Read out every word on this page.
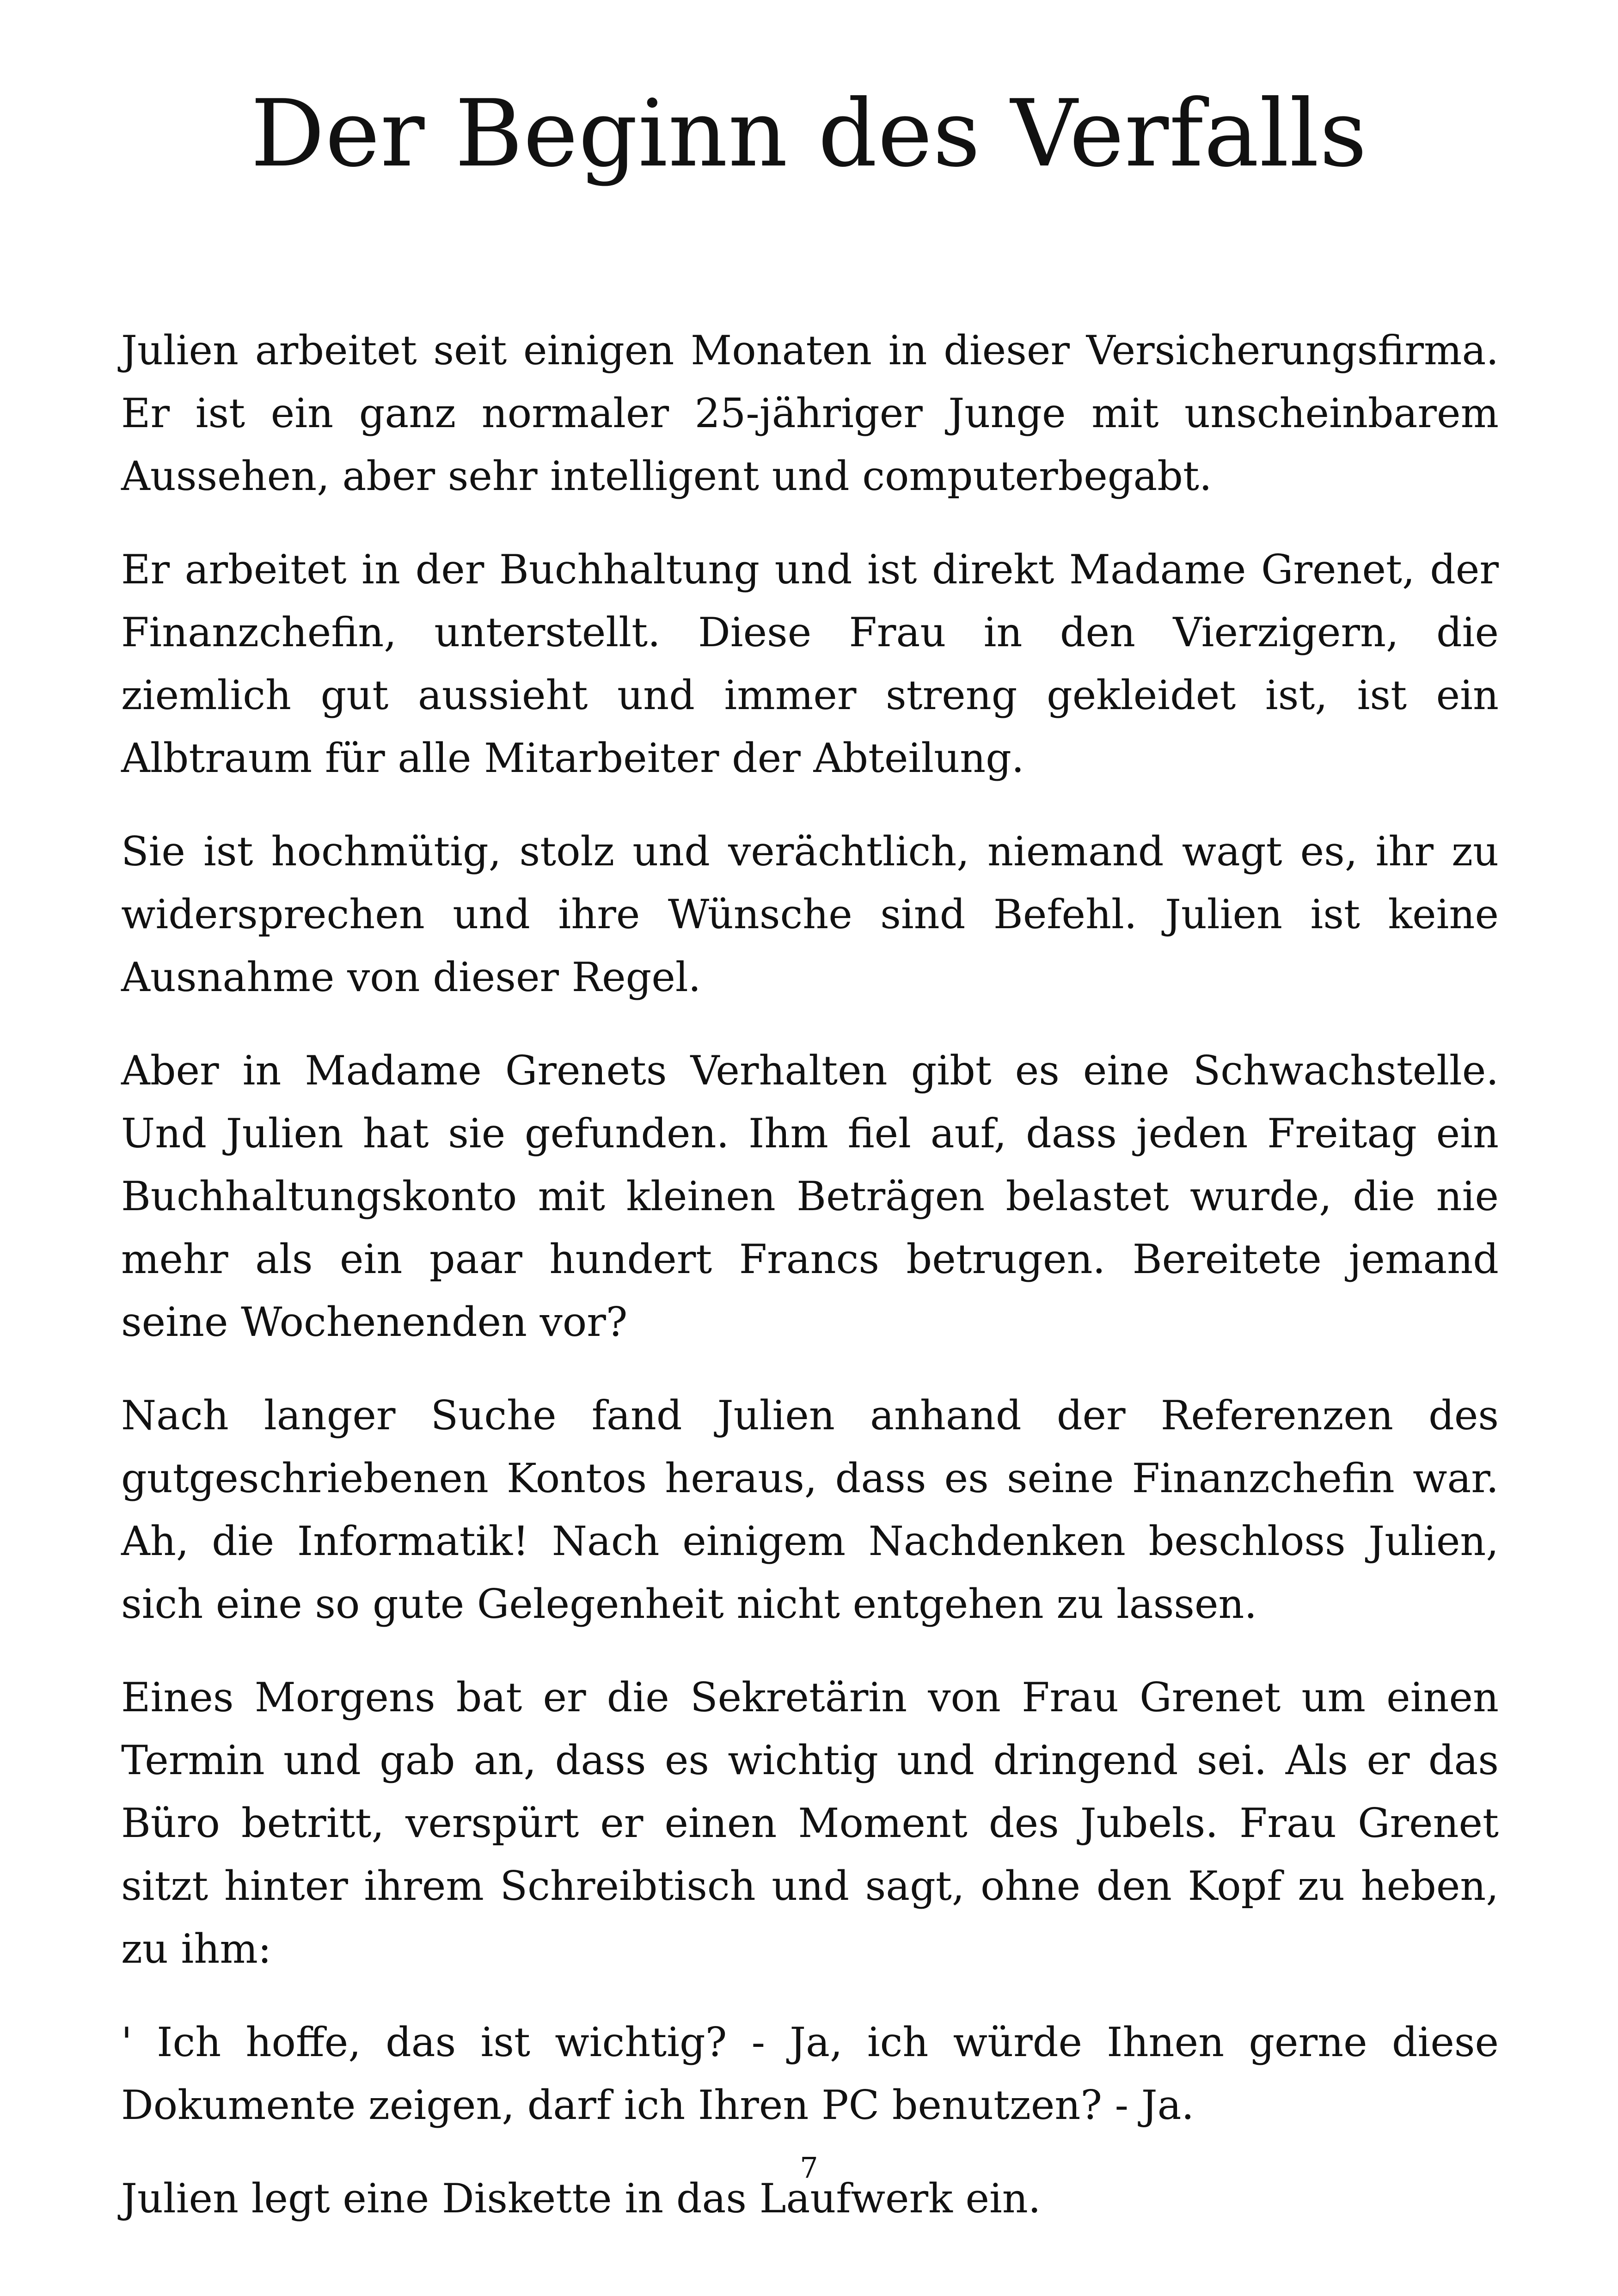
Der Beginn des Verfalls

Julien arbeitet seit einigen Monaten in dieser Versicherungsfirma. Er ist ein ganz normaler 25-jähriger Junge mit unscheinbarem Aussehen, aber sehr intelligent und computerbegabt.

Er arbeitet in der Buchhaltung und ist direkt Madame Grenet, der Finanzchefin, unterstellt. Diese Frau in den Vierzigern, die ziemlich gut aussieht und immer streng gekleidet ist, ist ein Albtraum für alle Mitarbeiter der Abteilung.

Sie ist hochmütig, stolz und verächtlich, niemand wagt es, ihr zu widersprechen und ihre Wünsche sind Befehl. Julien ist keine Ausnahme von dieser Regel.

Aber in Madame Grenets Verhalten gibt es eine Schwachstelle. Und Julien hat sie gefunden. Ihm fiel auf, dass jeden Freitag ein Buchhaltungskonto mit kleinen Beträgen belastet wurde, die nie mehr als ein paar hundert Francs betrugen. Bereitete jemand seine Wochenenden vor?

Nach langer Suche fand Julien anhand der Referenzen des gutgeschriebenen Kontos heraus, dass es seine Finanzchefin war. Ah, die Informatik! Nach einigem Nachdenken beschloss Julien, sich eine so gute Gelegenheit nicht entgehen zu lassen.

Eines Morgens bat er die Sekretärin von Frau Grenet um einen Termin und gab an, dass es wichtig und dringend sei. Als er das Büro betritt, verspürt er einen Moment des Jubels. Frau Grenet sitzt hinter ihrem Schreibtisch und sagt, ohne den Kopf zu heben, zu ihm:

' Ich hoffe, das ist wichtig? - Ja, ich würde Ihnen gerne diese Dokumente zeigen, darf ich Ihren PC benutzen? - Ja.

Julien legt eine Diskette in das Laufwerk ein.

7
